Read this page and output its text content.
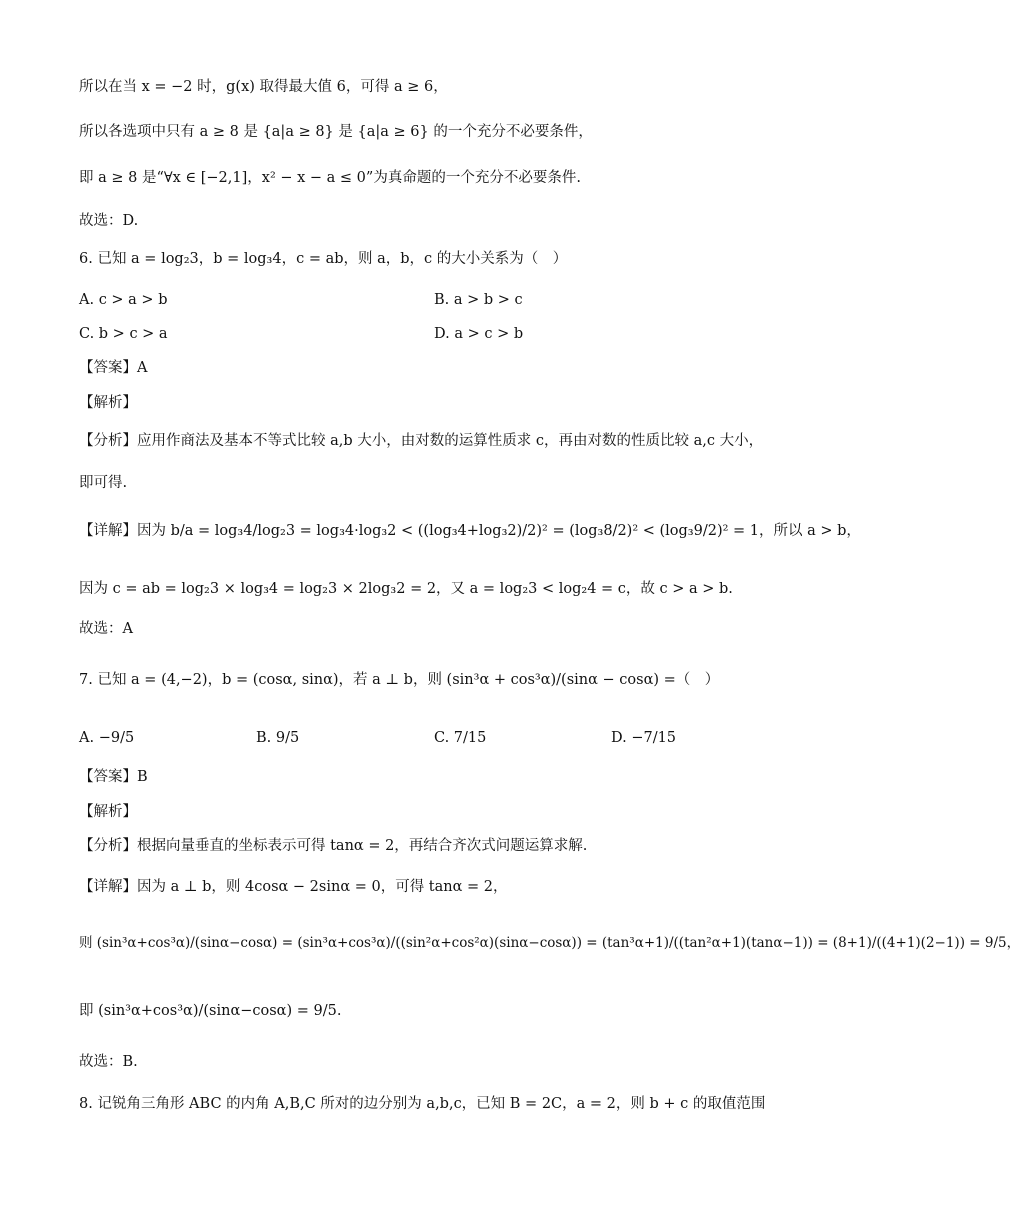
所以在当 x = −2 时，g(x) 取得最大值 6，可得 a ≥ 6，
所以各选项中只有 a ≥ 8 是 {a|a ≥ 8} 是 {a|a ≥ 6} 的一个充分不必要条件，
即 a ≥ 8 是“∀x ∈ [−2,1]，x² − x − a ≤ 0”为真命题的一个充分不必要条件.
故选：D.
6. 已知 a = log₂3，b = log₃4，c = ab，则 a，b，c 的大小关系为（　）
A. c > a > b	B. a > b > c
C. b > c > a	D. a > c > b
【答案】A
【解析】
【分析】应用作商法及基本不等式比较 a,b 大小，由对数的运算性质求 c，再由对数的性质比较 a,c 大小，
即可得.
【详解】因为 b/a = log₃4/log₂3 = log₃4·log₃2 < ((log₃4+log₃2)/2)² = (log₃8/2)² < (log₃9/2)² = 1，所以 a > b，
因为 c = ab = log₂3 × log₃4 = log₂3 × 2log₃2 = 2，又 a = log₂3 < log₂4 = c，故 c > a > b.
故选：A
7. 已知 a = (4,−2)，b = (cosα, sinα)，若 a ⊥ b，则 (sin³α + cos³α)/(sinα − cosα) =（　）
A. −9/5	B. 9/5	C. 7/15	D. −7/15
【答案】B
【解析】
【分析】根据向量垂直的坐标表示可得 tanα = 2，再结合齐次式问题运算求解.
【详解】因为 a ⊥ b，则 4cosα − 2sinα = 0，可得 tanα = 2，
则 (sin³α+cos³α)/(sinα−cosα) = (sin³α+cos³α)/((sin²α+cos²α)(sinα−cosα)) = (tan³α+1)/((tan²α+1)(tanα−1)) = (8+1)/((4+1)(2−1)) = 9/5，
即 (sin³α+cos³α)/(sinα−cosα) = 9/5.
故选：B.
8. 记锐角三角形 ABC 的内角 A,B,C 所对的边分别为 a,b,c，已知 B = 2C，a = 2，则 b + c 的取值范围
